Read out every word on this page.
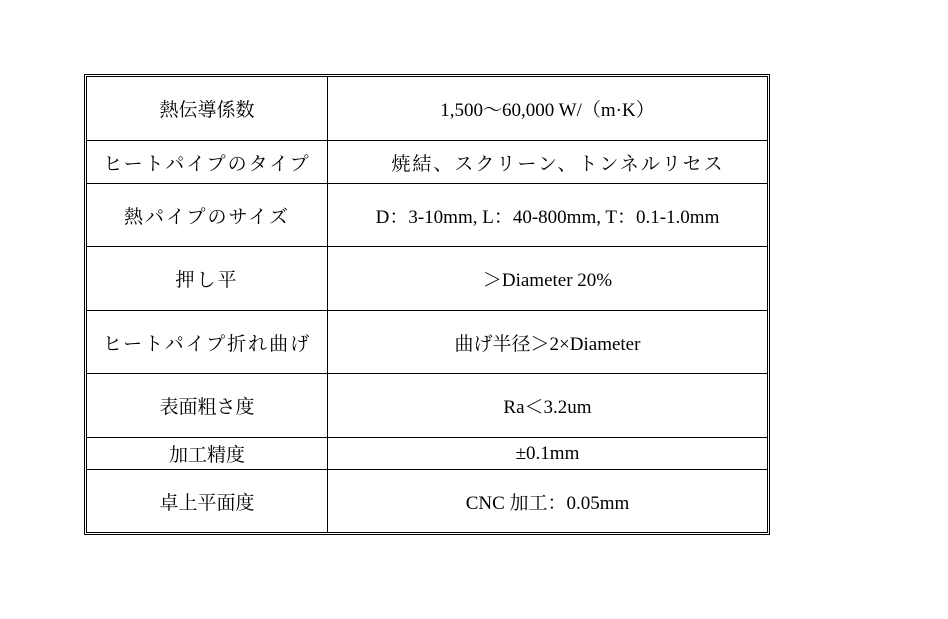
熱伝導係数	1,500～60,000 W/（m·K）
ヒートパイプのタイプ	　焼結、スクリーン、トンネルリセス
熱パイプのサイズ	D：3-10mm, L：40-800mm, T：0.1-1.0mm
押し平	＞Diameter 20%
ヒートパイプ折れ曲げ	曲げ半径＞2×Diameter
表面粗さ度	Ra＜3.2um
加工精度	±0.1mm
卓上平面度	CNC 加工：0.05mm
